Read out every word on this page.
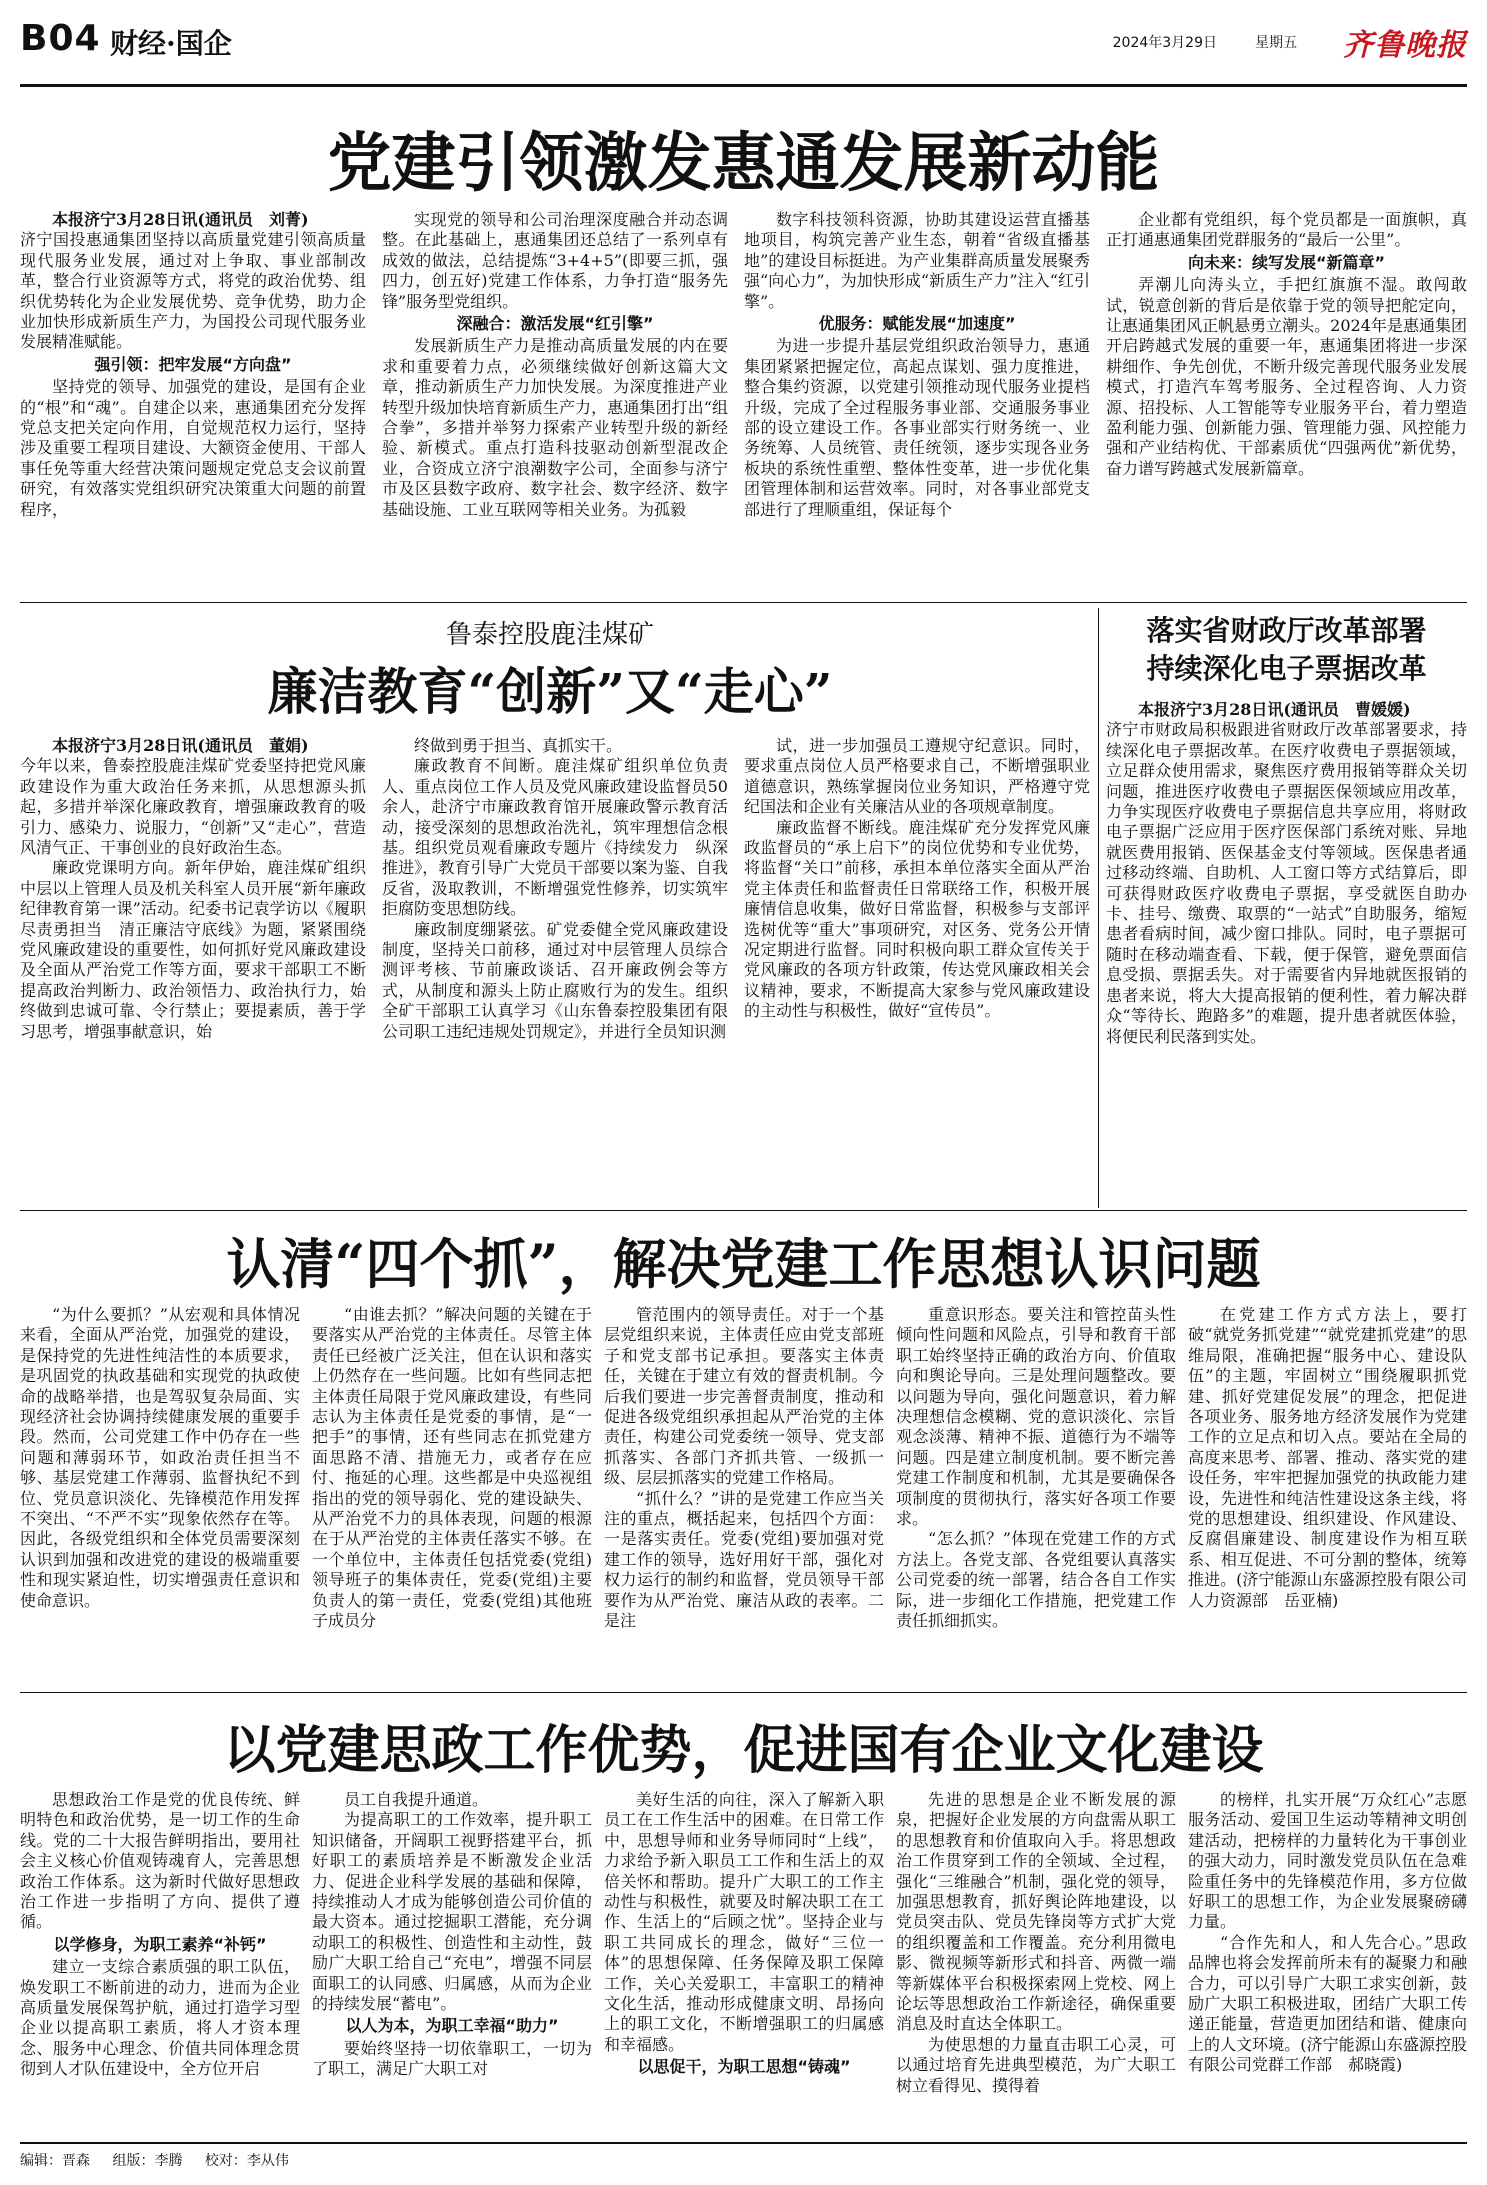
B04 财经·国企	2024年3月29日	星期五 齐鲁晚报
党建引领激发惠通发展新动能

本报济宁3月28日讯(通讯员　刘菁)
济宁国投惠通集团坚持以高质量党建引领高质量现代服务业发展，通过对上争取、事业部制改革，整合行业资源等方式，将党的政治优势、组织优势转化为企业发展优势、竞争优势，助力企业加快形成新质生产力，为国投公司现代服务业发展精准赋能。

强引领：把牢发展“方向盘”

坚持党的领导、加强党的建设，是国有企业的“根”和“魂”。自建企以来，惠通集团充分发挥党总支把关定向作用，自觉规范权力运行，坚持涉及重要工程项目建设、大额资金使用、干部人事任免等重大经营决策问题规定党总支会议前置研究，有效落实党组织研究决策重大问题的前置程序，

实现党的领导和公司治理深度融合并动态调整。在此基础上，惠通集团还总结了一系列卓有成效的做法，总结提炼“3+4+5”(即要三抓，强四力，创五好)党建工作体系，力争打造“服务先锋”服务型党组织。

深融合：激活发展“红引擎”

发展新质生产力是推动高质量发展的内在要求和重要着力点，必须继续做好创新这篇大文章，推动新质生产力加快发展。为深度推进产业转型升级加快培育新质生产力，惠通集团打出“组合拳”，多措并举努力探索产业转型升级的新经验、新模式。重点打造科技驱动创新型混改企业，合资成立济宁浪潮数字公司，全面参与济宁市及区县数字政府、数字社会、数字经济、数字基础设施、工业互联网等相关业务。为孤毅

数字科技领科资源，协助其建设运营直播基地项目，构筑完善产业生态，朝着“省级直播基地”的建设目标挺进。为产业集群高质量发展聚秀强“向心力”，为加快形成“新质生产力”注入“红引擎”。

优服务：赋能发展“加速度”

为进一步提升基层党组织政治领导力，惠通集团紧紧把握定位，高起点谋划、强力度推进，整合集约资源，以党建引领推动现代服务业提档升级，完成了全过程服务事业部、交通服务事业部的设立建设工作。各事业部实行财务统一、业务统筹、人员统管、责任统领，逐步实现各业务板块的系统性重塑、整体性变革，进一步优化集团管理体制和运营效率。同时，对各事业部党支部进行了理顺重组，保证每个

企业都有党组织，每个党员都是一面旗帜，真正打通惠通集团党群服务的“最后一公里”。

向未来：续写发展“新篇章”

弄潮儿向涛头立，手把红旗旗不湿。敢闯敢试，锐意创新的背后是依靠于党的领导把舵定向，让惠通集团风正帆悬勇立潮头。2024年是惠通集团开启跨越式发展的重要一年，惠通集团将进一步深耕细作、争先创优，不断升级完善现代服务业发展模式，打造汽车驾考服务、全过程咨询、人力资源、招投标、人工智能等专业服务平台，着力塑造盈利能力强、创新能力强、管理能力强、风控能力强和产业结构优、干部素质优“四强两优”新优势，奋力谱写跨越式发展新篇章。

鲁泰控股鹿洼煤矿
廉洁教育“创新”又“走心”

本报济宁3月28日讯(通讯员　董娟)
今年以来，鲁泰控股鹿洼煤矿党委坚持把党风廉政建设作为重大政治任务来抓，从思想源头抓起，多措并举深化廉政教育，增强廉政教育的吸引力、感染力、说服力，“创新”又“走心”，营造风清气正、干事创业的良好政治生态。

廉政党课明方向。新年伊始，鹿洼煤矿组织中层以上管理人员及机关科室人员开展“新年廉政纪律教育第一课”活动。纪委书记袁学访以《履职尽责勇担当　清正廉洁守底线》为题，紧紧围绕党风廉政建设的重要性，如何抓好党风廉政建设及全面从严治党工作等方面，要求干部职工不断提高政治判断力、政治领悟力、政治执行力，始终做到忠诚可靠、令行禁止；要提素质，善于学习思考，增强事献意识，始

终做到勇于担当、真抓实干。

廉政教育不间断。鹿洼煤矿组织单位负责人、重点岗位工作人员及党风廉政建设监督员50余人，赴济宁市廉政教育馆开展廉政警示教育活动，接受深刻的思想政治洗礼，筑牢理想信念根基。组织党员观看廉政专题片《持续发力　纵深推进》，教育引导广大党员干部要以案为鉴、自我反省，汲取教训，不断增强党性修养，切实筑牢拒腐防变思想防线。

廉政制度绷紧弦。矿党委健全党风廉政建设制度，坚持关口前移，通过对中层管理人员综合测评考核、节前廉政谈话、召开廉政例会等方式，从制度和源头上防止腐败行为的发生。组织全矿干部职工认真学习《山东鲁泰控股集团有限公司职工违纪违规处罚规定》，并进行全员知识测

试，进一步加强员工遵规守纪意识。同时，要求重点岗位人员严格要求自己，不断增强职业道德意识，熟练掌握岗位业务知识，严格遵守党纪国法和企业有关廉洁从业的各项规章制度。

廉政监督不断线。鹿洼煤矿充分发挥党风廉政监督员的“承上启下”的岗位优势和专业优势，将监督“关口”前移，承担本单位落实全面从严治党主体责任和监督责任日常联络工作，积极开展廉情信息收集，做好日常监督，积极参与支部评选树优等“重大”事项研究，对区务、党务公开情况定期进行监督。同时积极向职工群众宣传关于党风廉政的各项方针政策，传达党风廉政相关会议精神，要求，不断提高大家参与党风廉政建设的主动性与积极性，做好“宣传员”。

落实省财政厅改革部署
持续深化电子票据改革

本报济宁3月28日讯(通讯员　曹媛媛)
济宁市财政局积极跟进省财政厅改革部署要求，持续深化电子票据改革。在医疗收费电子票据领域，立足群众使用需求，聚焦医疗费用报销等群众关切问题，推进医疗收费电子票据医保领域应用改革，力争实现医疗收费电子票据信息共享应用，将财政电子票据广泛应用于医疗医保部门系统对账、异地就医费用报销、医保基金支付等领域。医保患者通过移动终端、自助机、人工窗口等方式结算后，即可获得财政医疗收费电子票据，享受就医自助办卡、挂号、缴费、取票的“一站式”自助服务，缩短患者看病时间，减少窗口排队。同时，电子票据可随时在移动端查看、下载，便于保管，避免票面信息受损、票据丢失。对于需要省内异地就医报销的患者来说，将大大提高报销的便利性，着力解决群众“等待长、跑路多”的难题，提升患者就医体验，将便民利民落到实处。

认清“四个抓”，解决党建工作思想认识问题

“为什么要抓？”从宏观和具体情况来看，全面从严治党，加强党的建设，是保持党的先进性纯洁性的本质要求，是巩固党的执政基础和实现党的执政使命的战略举措，也是驾驭复杂局面、实现经济社会协调持续健康发展的重要手段。然而，公司党建工作中仍存在一些问题和薄弱环节，如政治责任担当不够、基层党建工作薄弱、监督执纪不到位、党员意识淡化、先锋模范作用发挥不突出、“不严不实”现象依然存在等。因此，各级党组织和全体党员需要深刻认识到加强和改进党的建设的极端重要性和现实紧迫性，切实增强责任意识和使命意识。

“由谁去抓？”解决问题的关键在于要落实从严治党的主体责任。尽管主体责任已经被广泛关注，但在认识和落实上仍然存在一些问题。比如有些同志把主体责任局限于党风廉政建设，有些同志认为主体责任是党委的事情，是“一把手”的事情，还有些同志在抓党建方面思路不清、措施无力，或者存在应付、拖延的心理。这些都是中央巡视组指出的党的领导弱化、党的建设缺失、从严治党不力的具体表现，问题的根源在于从严治党的主体责任落实不够。在一个单位中，主体责任包括党委(党组)领导班子的集体责任，党委(党组)主要负责人的第一责任，党委(党组)其他班子成员分

管范围内的领导责任。对于一个基层党组织来说，主体责任应由党支部班子和党支部书记承担。要落实主体责任，关键在于建立有效的督责机制。今后我们要进一步完善督责制度，推动和促进各级党组织承担起从严治党的主体责任，构建公司党委统一领导、党支部抓落实、各部门齐抓共管、一级抓一级、层层抓落实的党建工作格局。

“抓什么？”讲的是党建工作应当关注的重点，概括起来，包括四个方面：一是落实责任。党委(党组)要加强对党建工作的领导，选好用好干部，强化对权力运行的制约和监督，党员领导干部要作为从严治党、廉洁从政的表率。二是注

重意识形态。要关注和管控苗头性倾向性问题和风险点，引导和教育干部职工始终坚持正确的政治方向、价值取向和舆论导向。三是处理问题整改。要以问题为导向，强化问题意识，着力解决理想信念模糊、党的意识淡化、宗旨观念淡薄、精神不振、道德行为不端等问题。四是建立制度机制。要不断完善党建工作制度和机制，尤其是要确保各项制度的贯彻执行，落实好各项工作要求。

“怎么抓？”体现在党建工作的方式方法上。各党支部、各党组要认真落实公司党委的统一部署，结合各自工作实际，进一步细化工作措施，把党建工作责任抓细抓实。

在党建工作方式方法上，要打破“就党务抓党建”“就党建抓党建”的思维局限，准确把握“服务中心、建设队伍”的主题，牢固树立“围绕履职抓党建、抓好党建促发展”的理念，把促进各项业务、服务地方经济发展作为党建工作的立足点和切入点。要站在全局的高度来思考、部署、推动、落实党的建设任务，牢牢把握加强党的执政能力建设，先进性和纯洁性建设这条主线，将党的思想建设、组织建设、作风建设、反腐倡廉建设、制度建设作为相互联系、相互促进、不可分割的整体，统筹推进。(济宁能源山东盛源控股有限公司人力资源部　岳亚楠)

以党建思政工作优势，促进国有企业文化建设

思想政治工作是党的优良传统、鲜明特色和政治优势，是一切工作的生命线。党的二十大报告鲜明指出，要用社会主义核心价值观铸魂育人，完善思想政治工作体系。这为新时代做好思想政治工作进一步指明了方向、提供了遵循。

以学修身，为职工素养“补钙”

建立一支综合素质强的职工队伍，焕发职工不断前进的动力，进而为企业高质量发展保驾护航，通过打造学习型企业以提高职工素质，将人才资本理念、服务中心理念、价值共同体理念贯彻到人才队伍建设中，全方位开启

员工自我提升通道。

为提高职工的工作效率，提升职工知识储备，开阔职工视野搭建平台，抓好职工的素质培养是不断激发企业活力、促进企业科学发展的基础和保障，持续推动人才成为能够创造公司价值的最大资本。通过挖掘职工潜能，充分调动职工的积极性、创造性和主动性，鼓励广大职工给自己“充电”，增强不同层面职工的认同感、归属感，从而为企业的持续发展“蓄电”。

以人为本，为职工幸福“助力”

要始终坚持一切依靠职工，一切为了职工，满足广大职工对

美好生活的向往，深入了解新入职员工在工作生活中的困难。在日常工作中，思想导师和业务导师同时“上线”，力求给予新入职员工工作和生活上的双倍关怀和帮助。提升广大职工的工作主动性与积极性，就要及时解决职工在工作、生活上的“后顾之忧”。坚持企业与职工共同成长的理念，做好“三位一体”的思想保障、任务保障及职工保障工作，关心关爱职工，丰富职工的精神文化生活，推动形成健康文明、昂扬向上的职工文化，不断增强职工的归属感和幸福感。

以思促干，为职工思想“铸魂”

先进的思想是企业不断发展的源泉，把握好企业发展的方向盘需从职工的思想教育和价值取向入手。将思想政治工作贯穿到工作的全领域、全过程，强化“三维融合”机制，强化党的领导，加强思想教育，抓好舆论阵地建设，以党员突击队、党员先锋岗等方式扩大党的组织覆盖和工作覆盖。充分利用微电影、微视频等新形式和抖音、两微一端等新媒体平台积极探索网上党校、网上论坛等思想政治工作新途径，确保重要消息及时直达全体职工。

为使思想的力量直击职工心灵，可以通过培育先进典型模范，为广大职工树立看得见、摸得着

的榜样，扎实开展“万众红心”志愿服务活动、爱国卫生运动等精神文明创建活动，把榜样的力量转化为干事创业的强大动力，同时激发党员队伍在急难险重任务中的先锋模范作用，多方位做好职工的思想工作，为企业发展聚磅礴力量。

“合作先和人，和人先合心。”思政品牌也将会发挥前所未有的凝聚力和融合力，可以引导广大职工求实创新，鼓励广大职工积极进取，团结广大职工传递正能量，营造更加团结和谐、健康向上的人文环境。(济宁能源山东盛源控股有限公司党群工作部　郝晓霞)

编辑：晋森 组版：李腾 校对：李从伟
